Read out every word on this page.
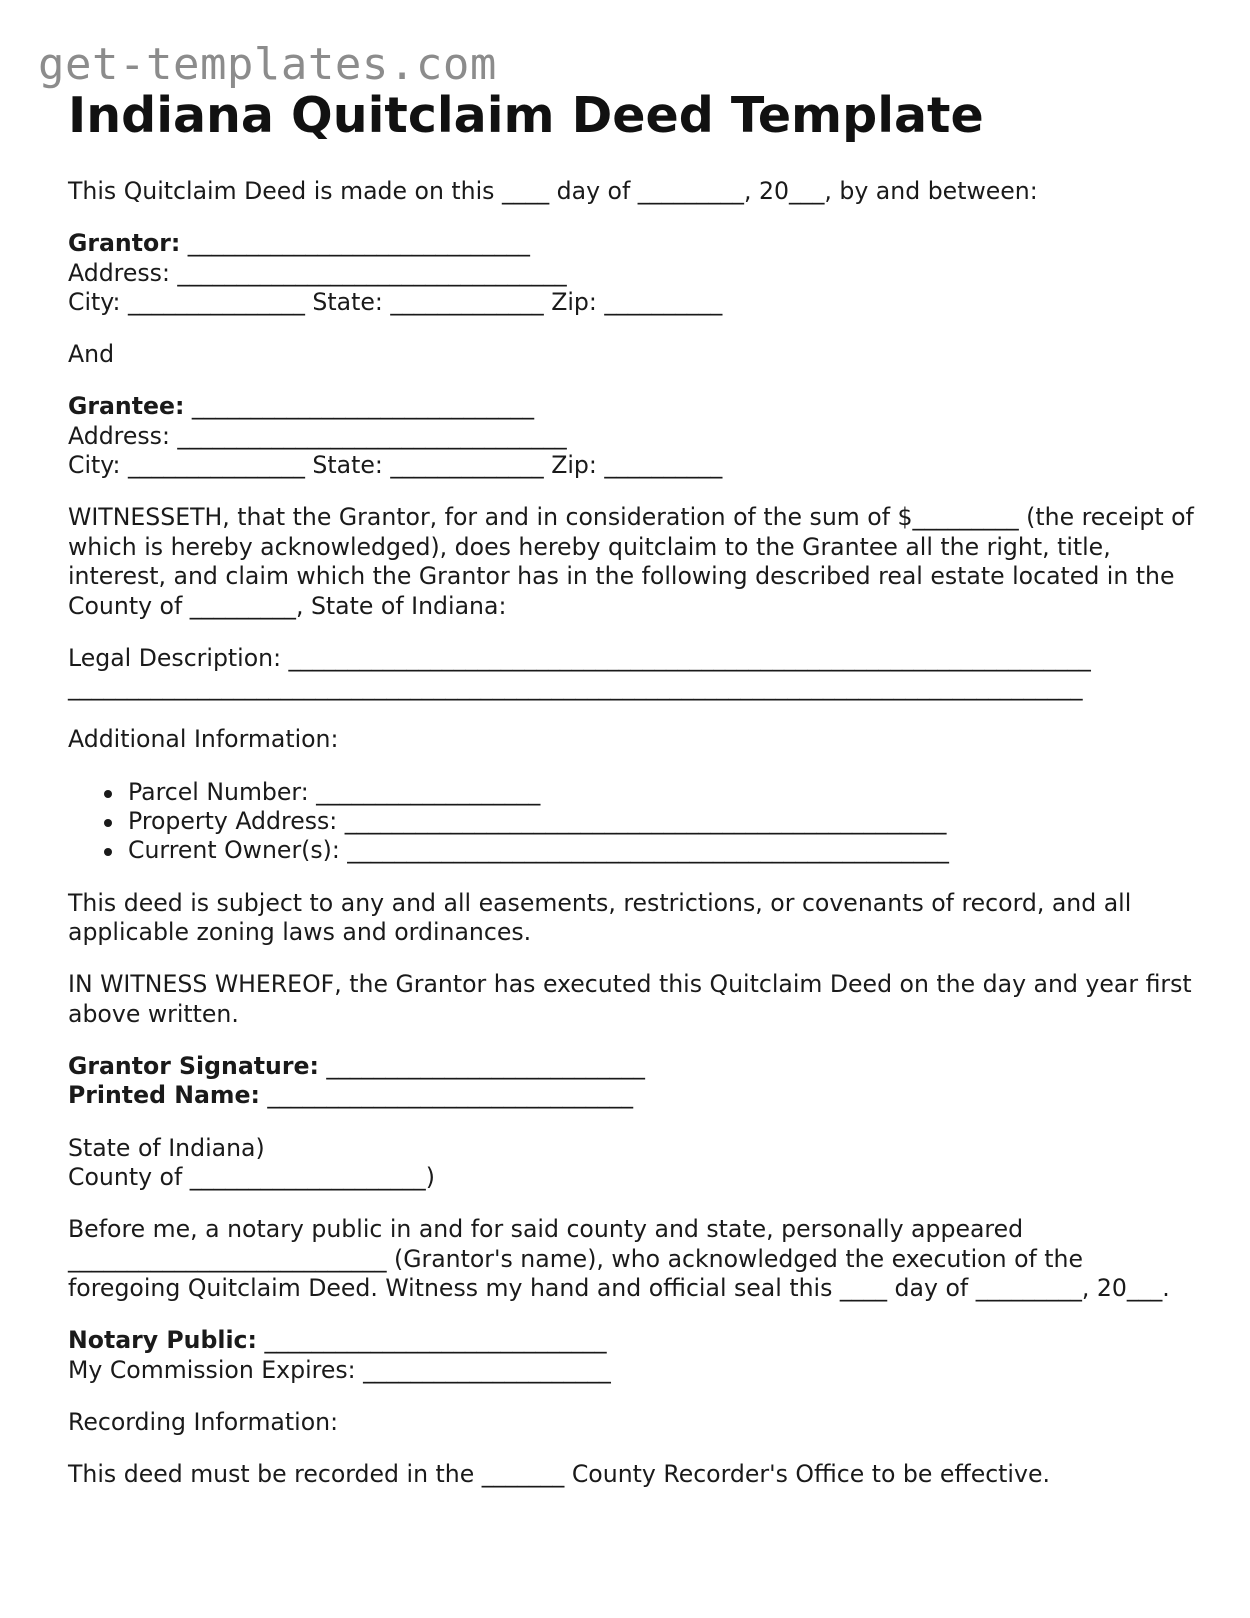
get-templates.com
Indiana Quitclaim Deed Template

This Quitclaim Deed is made on this ____ day of _________, 20___, by and between:

Grantor: _____________________________

Address: _________________________________

City: _______________ State: _____________ Zip: __________

And

Grantee: _____________________________

Address: _________________________________

City: _______________ State: _____________ Zip: __________

WITNESSETH, that the Grantor, for and in consideration of the sum of $_________ (the receipt of which is hereby acknowledged), does hereby quitclaim to the Grantee all the right, title, interest, and claim which the Grantor has in the following described real estate located in the County of _________, State of Indiana:

Legal Description: ____________________________________________________________________

______________________________________________________________________________________

Additional Information:

Parcel Number: ___________________
Property Address: ___________________________________________________
Current Owner(s): ___________________________________________________

This deed is subject to any and all easements, restrictions, or covenants of record, and all applicable zoning laws and ordinances.

IN WITNESS WHEREOF, the Grantor has executed this Quitclaim Deed on the day and year first above written.

Grantor Signature: ___________________________

Printed Name: _______________________________

State of Indiana)

County of ____________________)

Before me, a notary public in and for said county and state, personally appeared ___________________________ (Grantor's name), who acknowledged the execution of the foregoing Quitclaim Deed. Witness my hand and official seal this ____ day of _________, 20___.

Notary Public: _____________________________

My Commission Expires: _____________________

Recording Information:

This deed must be recorded in the _______ County Recorder's Office to be effective.
